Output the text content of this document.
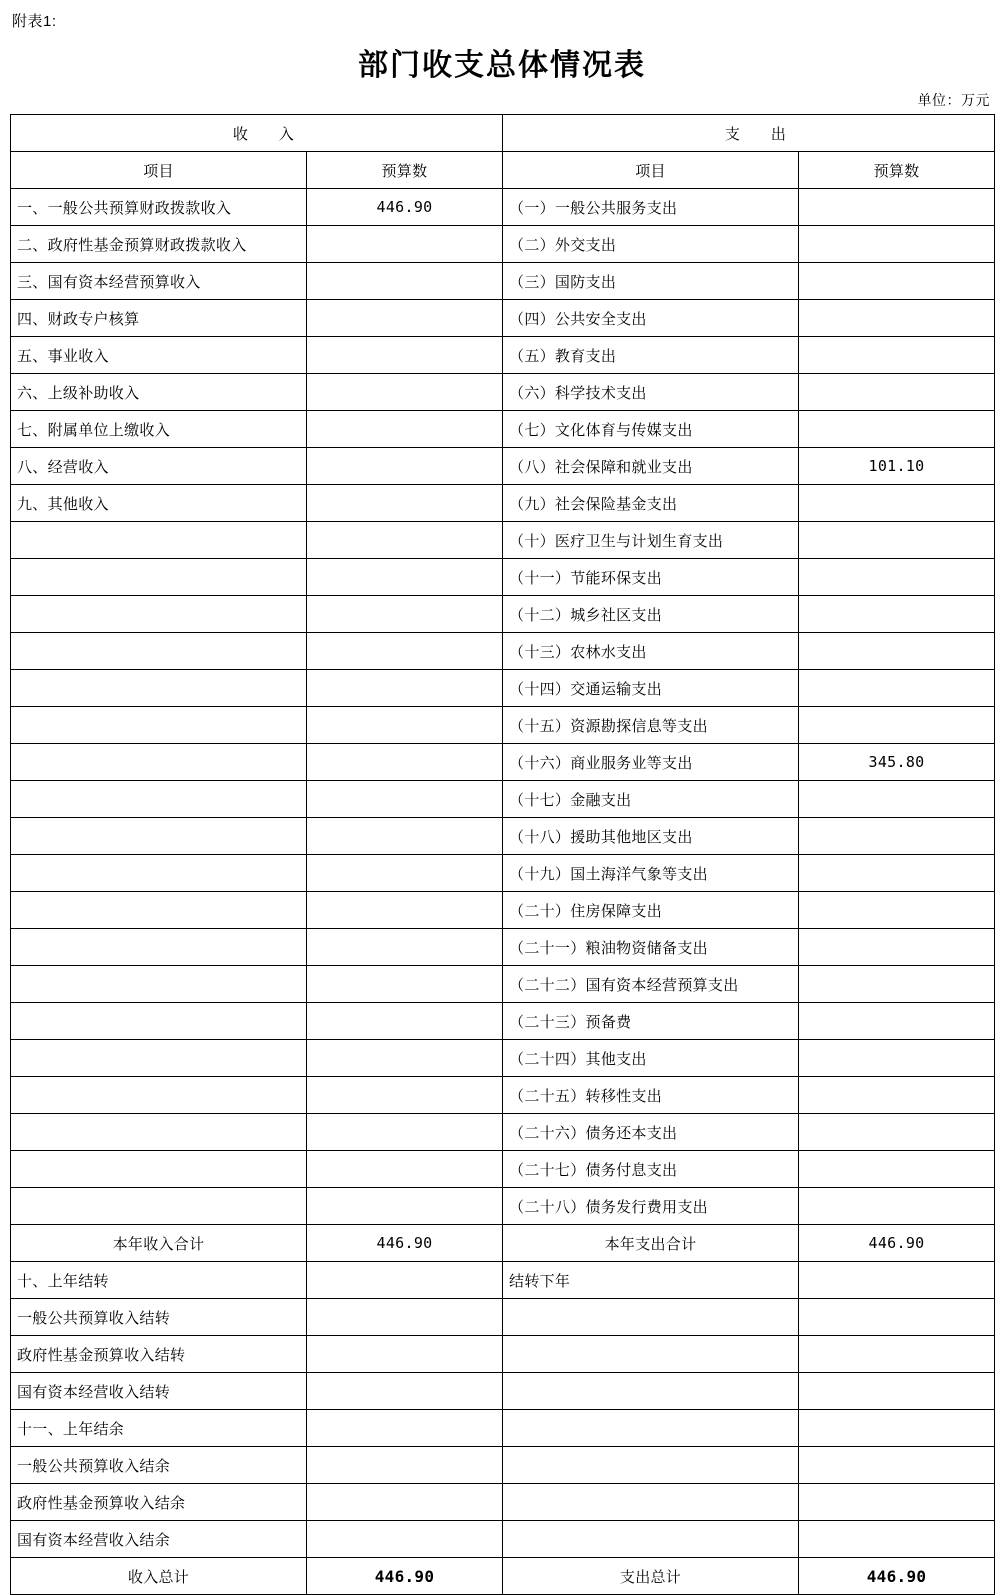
附表1:
部门收支总体情况表
单位：万元
收　　入		支　　出	
项目	预算数	项目	预算数
一、一般公共预算财政拨款收入	446.90	（一）一般公共服务支出	
二、政府性基金预算财政拨款收入		（二）外交支出	
三、国有资本经营预算收入		（三）国防支出	
四、财政专户核算		（四）公共安全支出	
五、事业收入		（五）教育支出	
六、上级补助收入		（六）科学技术支出	
七、附属单位上缴收入		（七）文化体育与传媒支出	
八、经营收入		（八）社会保障和就业支出	101.10
九、其他收入		（九）社会保险基金支出	
		（十）医疗卫生与计划生育支出	
		（十一）节能环保支出	
		（十二）城乡社区支出	
		（十三）农林水支出	
		（十四）交通运输支出	
		（十五）资源勘探信息等支出	
		（十六）商业服务业等支出	345.80
		（十七）金融支出	
		（十八）援助其他地区支出	
		（十九）国土海洋气象等支出	
		（二十）住房保障支出	
		（二十一）粮油物资储备支出	
		（二十二）国有资本经营预算支出	
		（二十三）预备费	
		（二十四）其他支出	
		（二十五）转移性支出	
		（二十六）债务还本支出	
		（二十七）债务付息支出	
		（二十八）债务发行费用支出	
本年收入合计	446.90	本年支出合计	446.90
十、上年结转		结转下年	
一般公共预算收入结转			
政府性基金预算收入结转			
国有资本经营收入结转			
十一、上年结余			
一般公共预算收入结余			
政府性基金预算收入结余			
国有资本经营收入结余			
收入总计	446.90	支出总计	446.90
